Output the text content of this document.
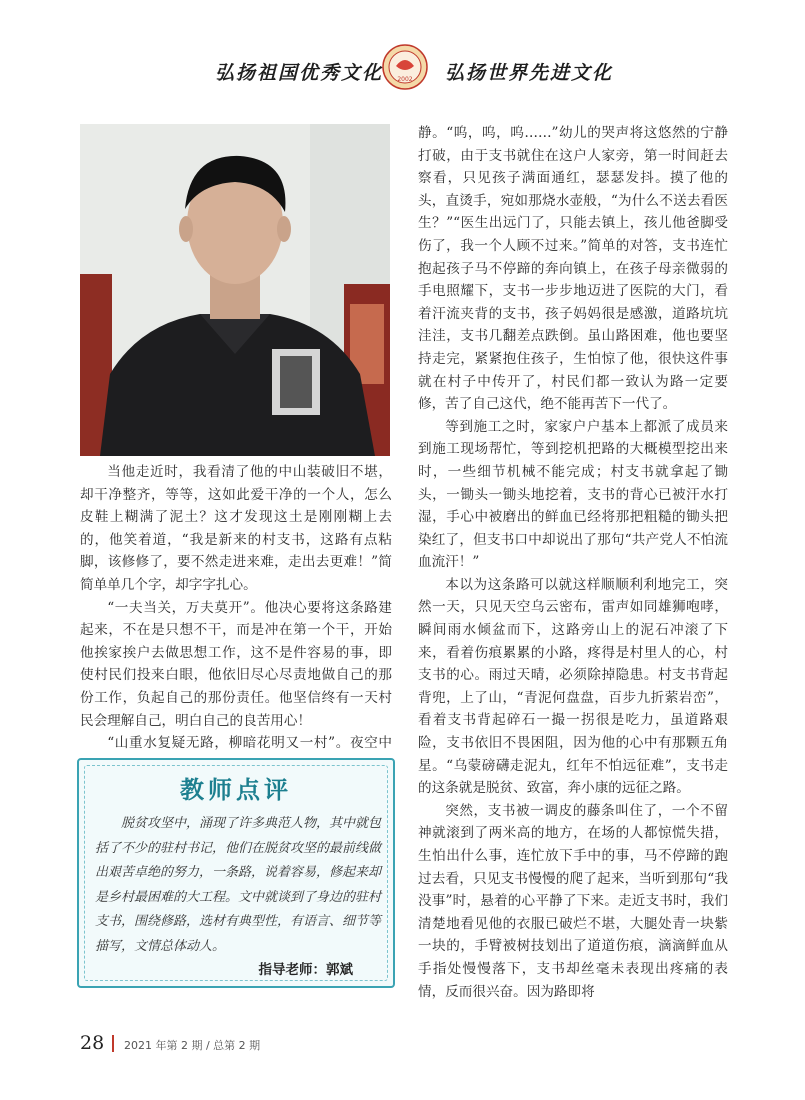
弘扬祖国优秀文化 2002 弘扬世界先进文化

当他走近时，我看清了他的中山装破旧不堪，却干净整齐，等等，这如此爱干净的一个人，怎么皮鞋上糊满了泥土？这才发现这土是刚刚糊上去的，他笑着道，“我是新来的村支书，这路有点粘脚，该修修了，要不然走进来难，走出去更难！”简简单单几个字，却字字扎心。

“一夫当关，万夫莫开”。他决心要将这条路建起来，不在是只想不干，而是冲在第一个干，开始他挨家挨户去做思想工作，这不是件容易的事，即使村民们投来白眼，他依旧尽心尽责地做自己的那份工作，负起自己的那份责任。他坚信终有一天村民会理解自己，明白自己的良苦用心！

“山重水复疑无路，柳暗花明又一村”。夜空中

教师点评

脱贫攻坚中，涌现了许多典范人物，其中就包括了不少的驻村书记，他们在脱贫攻坚的最前线做出艰苦卓绝的努力，一条路，说着容易，修起来却是乡村最困难的大工程。文中就谈到了身边的驻村支书，围绕修路，选材有典型性，有语言、细节等描写，文情总体动人。

指导老师：郭斌

静。“呜，呜，呜……”幼儿的哭声将这悠然的宁静打破，由于支书就住在这户人家旁，第一时间赶去察看，只见孩子满面通红，瑟瑟发抖。摸了他的头，直烫手，宛如那烧水壶般，“为什么不送去看医生？”“医生出远门了，只能去镇上，孩儿他爸脚受伤了，我一个人顾不过来。”简单的对答，支书连忙抱起孩子马不停蹄的奔向镇上，在孩子母亲微弱的手电照耀下，支书一步步地迈进了医院的大门，看着汗流夹背的支书，孩子妈妈很是感激，道路坑坑洼洼，支书几翻差点跌倒。虽山路困难，他也要坚持走完，紧紧抱住孩子，生怕惊了他，很快这件事就在村子中传开了，村民们都一致认为路一定要修，苦了自己这代，绝不能再苦下一代了。

等到施工之时，家家户户基本上都派了成员来到施工现场帮忙，等到挖机把路的大概模型挖出来时，一些细节机械不能完成；村支书就拿起了锄头，一锄头一锄头地挖着，支书的背心已被汗水打湿，手心中被磨出的鲜血已经将那把粗糙的锄头把染红了，但支书口中却说出了那句“共产党人不怕流血流汗！”

本以为这条路可以就这样顺顺利利地完工，突然一天，只见天空乌云密布，雷声如同雄狮咆哮，瞬间雨水倾盆而下，这路旁山上的泥石冲滚了下来，看着伤痕累累的小路，疼得是村里人的心，村支书的心。雨过天晴，必须除掉隐患。村支书背起背兜，上了山，“青泥何盘盘，百步九折萦岩峦”，看着支书背起碎石一撮一拐很是吃力，虽道路艰险，支书依旧不畏困阻，因为他的心中有那颗五角星。“乌蒙磅礴走泥丸，红年不怕远征难”，支书走的这条就是脱贫、致富，奔小康的远征之路。

突然，支书被一调皮的藤条叫住了，一个不留神就滚到了两米高的地方，在场的人都惊慌失措，生怕出什么事，连忙放下手中的事，马不停蹄的跑过去看，只见支书慢慢的爬了起来，当听到那句“我没事”时，悬着的心平静了下来。走近支书时，我们清楚地看见他的衣服已破烂不堪，大腿处青一块紫一块的，手臂被树技划出了道道伤痕，滴滴鲜血从手指处慢慢落下，支书却丝毫未表现出疼痛的表情，反而很兴奋。因为路即将

28 2021 年第 2 期 / 总第 2 期
